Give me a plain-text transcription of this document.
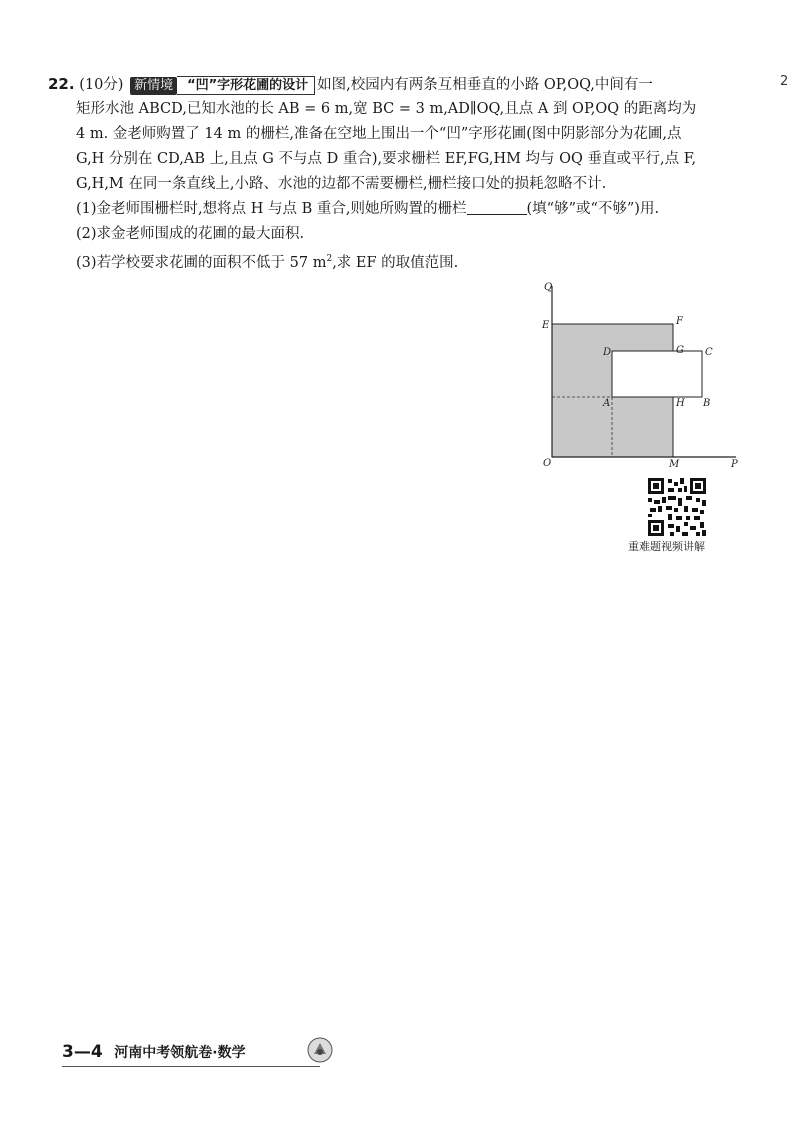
2
22. (10分) 新情境 “凹”字形花圃的设计 如图,校园内有两条互相垂直的小路 OP,OQ,中间有一
矩形水池 ABCD,已知水池的长 AB = 6 m,宽 BC = 3 m,AD∥OQ,且点 A 到 OP,OQ 的距离均为
4 m. 金老师购置了 14 m 的栅栏,准备在空地上围出一个“凹”字形花圃(图中阴影部分为花圃,点
G,H 分别在 CD,AB 上,且点 G 不与点 D 重合),要求栅栏 EF,FG,HM 均与 OQ 垂直或平行,点 F,
G,H,M 在同一条直线上,小路、水池的边都不需要栅栏,栅栏接口处的损耗忽略不计.
(1)金老师围栅栏时,想将点 H 与点 B 重合,则她所购置的栅栏	(填“够”或“不够”)用.
(2)求金老师围成的花圃的最大面积.
(3)若学校要求花圃的面积不低于 57 $m^2$,求 EF 的取值范围.
Q
E	F
D	G C
A	H B
O	M	P
重难题视频讲解
3—4 河南中考领航卷·数学
